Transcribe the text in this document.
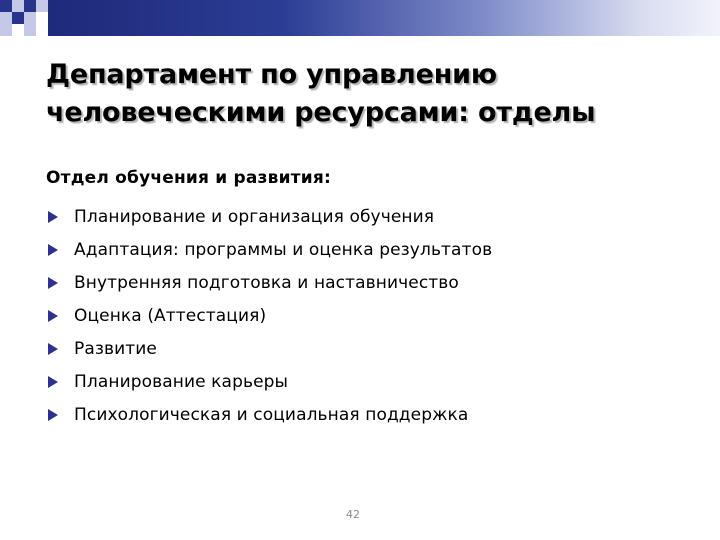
Департамент по управлению
человеческими ресурсами: отделы
Отдел обучения и развития:
Планирование и организация обучения
Адаптация: программы и оценка результатов
Внутренняя подготовка и наставничество
Оценка (Аттестация)
Развитие
Планирование карьеры
Психологическая и социальная поддержка
42
